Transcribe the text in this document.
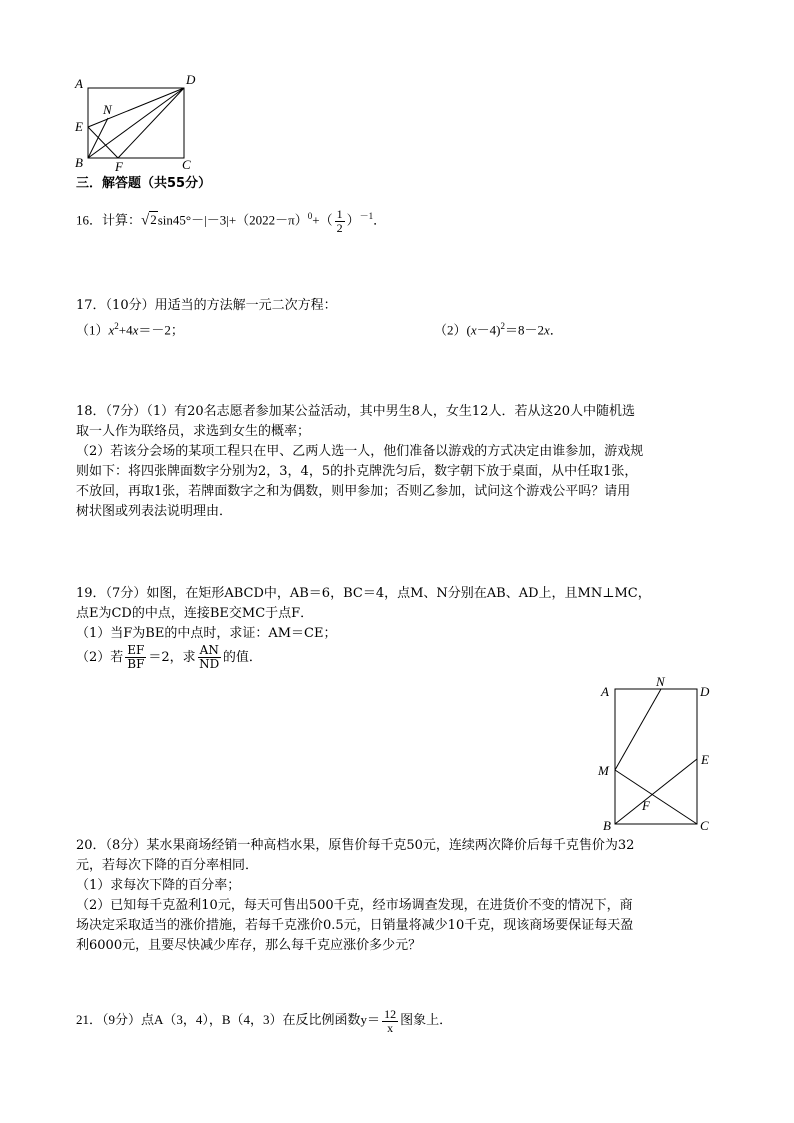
A	D
N
E
B F	C
三．解答题（共55分）
16．计算：$√2\sin 45^\circ-|-3|+(2022-\pi)^0+( \frac{1}{2} )^{-1}$．
17．（10分）用适当的方法解一元二次方程：
$(1)x^2+4x=-2$；	$(2)(x-4)^2=8-2x$．
18．（7分）（1）有20名志愿者参加某公益活动，其中男生8人，女生12人．若从这20人中随机选
取一人作为联络员，求选到女生的概率；
（2）若该分会场的某项工程只在甲、乙两人选一人，他们准备以游戏的方式决定由谁参加，游戏规
则如下：将四张牌面数字分别为2，3，4，5的扑克牌洗匀后，数字朝下放于桌面，从中任取1张，
不放回，再取1张，若牌面数字之和为偶数，则甲参加；否则乙参加，试问这个游戏公平吗？请用
树状图或列表法说明理由．
19．（7分）如图，在矩形ABCD中，AB＝6，BC＝4，点M、N分别在AB、AD上，且MN⊥MC，
点E为CD的中点，连接BE交MC于点F．
（1）当F为BE的中点时，求证：AM＝CE；
（2）若 $\frac{EF}{BF} =2$，求 $\frac{AN}{ND}$ 的值．
A
N
D
E
M
F
B	C
20．（8分）某水果商场经销一种高档水果，原售价每千克50元，连续两次降价后每千克售价为32
元，若每次下降的百分率相同．
（1）求每次下降的百分率；
（2）已知每千克盈利10元，每天可售出500千克，经市场调查发现，在进货价不变的情况下，商
场决定采取适当的涨价措施，若每千克涨价0.5元，日销量将减少10千克，现该商场要保证每天盈
利6000元，且要尽快减少库存，那么每千克应涨价多少元？
21．（9分）点A（3，4），B（4，3）在反比例函数$y= \frac{12}{x}$ 图象上．
